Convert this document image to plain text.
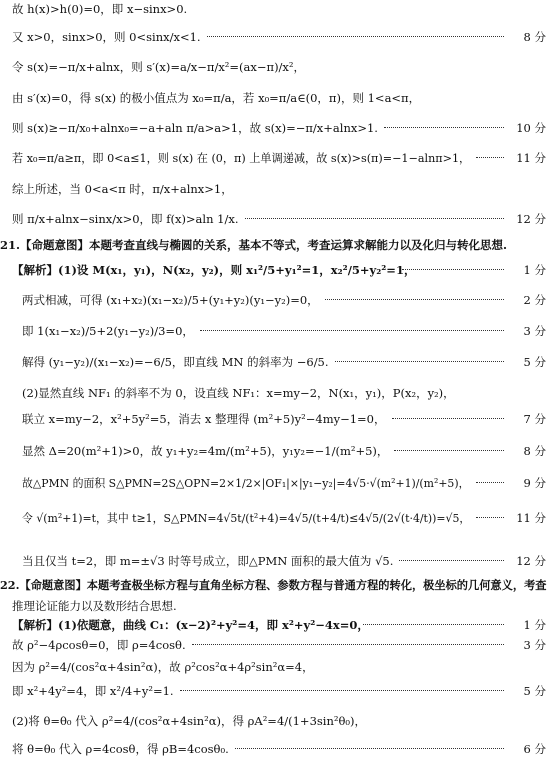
故 h(x)>h(0)=0，即 x−sinx>0.
又 x>0，sinx>0，则 0<sinx/x<1.	8 分
令 s(x)=−π/x+alnx，则 s′(x)=a/x−π/x²=(ax−π)/x²，
由 s′(x)=0，得 s(x) 的极小值点为 x₀=π/a，若 x₀=π/a∈(0，π)，则 1<a<π，
则 s(x)≥−π/x₀+alnx₀=−a+aln π/a>a>1，故 s(x)=−π/x+alnx>1.	10 分
若 x₀=π/a≥π，即 0<a≤1，则 s(x) 在 (0，π) 上单调递减，故 s(x)>s(π)=−1−alnπ>1，	11 分
综上所述，当 0<a<π 时，π/x+alnx>1，
则 π/x+alnx−sinx/x>0，即 f(x)>aln 1/x.	12 分
21.【命题意图】本题考查直线与椭圆的关系，基本不等式，考查运算求解能力以及化归与转化思想.
【解析】(1)设 M(x₁，y₁)，N(x₂，y₂)，则 x₁²/5+y₁²=1，x₂²/5+y₂²=1，	1 分
两式相减，可得 (x₁+x₂)(x₁−x₂)/5+(y₁+y₂)(y₁−y₂)=0，	2 分
即 1(x₁−x₂)/5+2(y₁−y₂)/3=0，	3 分
解得 (y₁−y₂)/(x₁−x₂)=−6/5，即直线 MN 的斜率为 −6/5.	5 分
(2)显然直线 NF₁ 的斜率不为 0，设直线 NF₁：x=my−2，N(x₁，y₁)，P(x₂，y₂)，
联立 x=my−2，x²+5y²=5，消去 x 整理得 (m²+5)y²−4my−1=0，	7 分
显然 Δ=20(m²+1)>0，故 y₁+y₂=4m/(m²+5)，y₁y₂=−1/(m²+5)，	8 分
故△PMN 的面积 S△PMN=2S△OPN=2×1/2×|OF₁|×|y₁−y₂|=4√5·√(m²+1)/(m²+5)，	9 分
令 √(m²+1)=t，其中 t≥1，S△PMN=4√5t/(t²+4)=4√5/(t+4/t)≤4√5/(2√(t·4/t))=√5，	11 分
当且仅当 t=2，即 m=±√3 时等号成立，即△PMN 面积的最大值为 √5.	12 分
22.【命题意图】本题考查极坐标方程与直角坐标方程、参数方程与普通方程的转化，极坐标的几何意义，考查
推理论证能力以及数形结合思想.
【解析】(1)依题意，曲线 C₁：(x−2)²+y²=4，即 x²+y²−4x=0，	1 分
故 ρ²−4ρcosθ=0，即 ρ=4cosθ.	3 分
因为 ρ²=4/(cos²α+4sin²α)，故 ρ²cos²α+4ρ²sin²α=4，
即 x²+4y²=4，即 x²/4+y²=1.	5 分
(2)将 θ=θ₀ 代入 ρ²=4/(cos²α+4sin²α)，得 ρA²=4/(1+3sin²θ₀)，
将 θ=θ₀ 代入 ρ=4cosθ，得 ρB=4cosθ₀.	6 分
